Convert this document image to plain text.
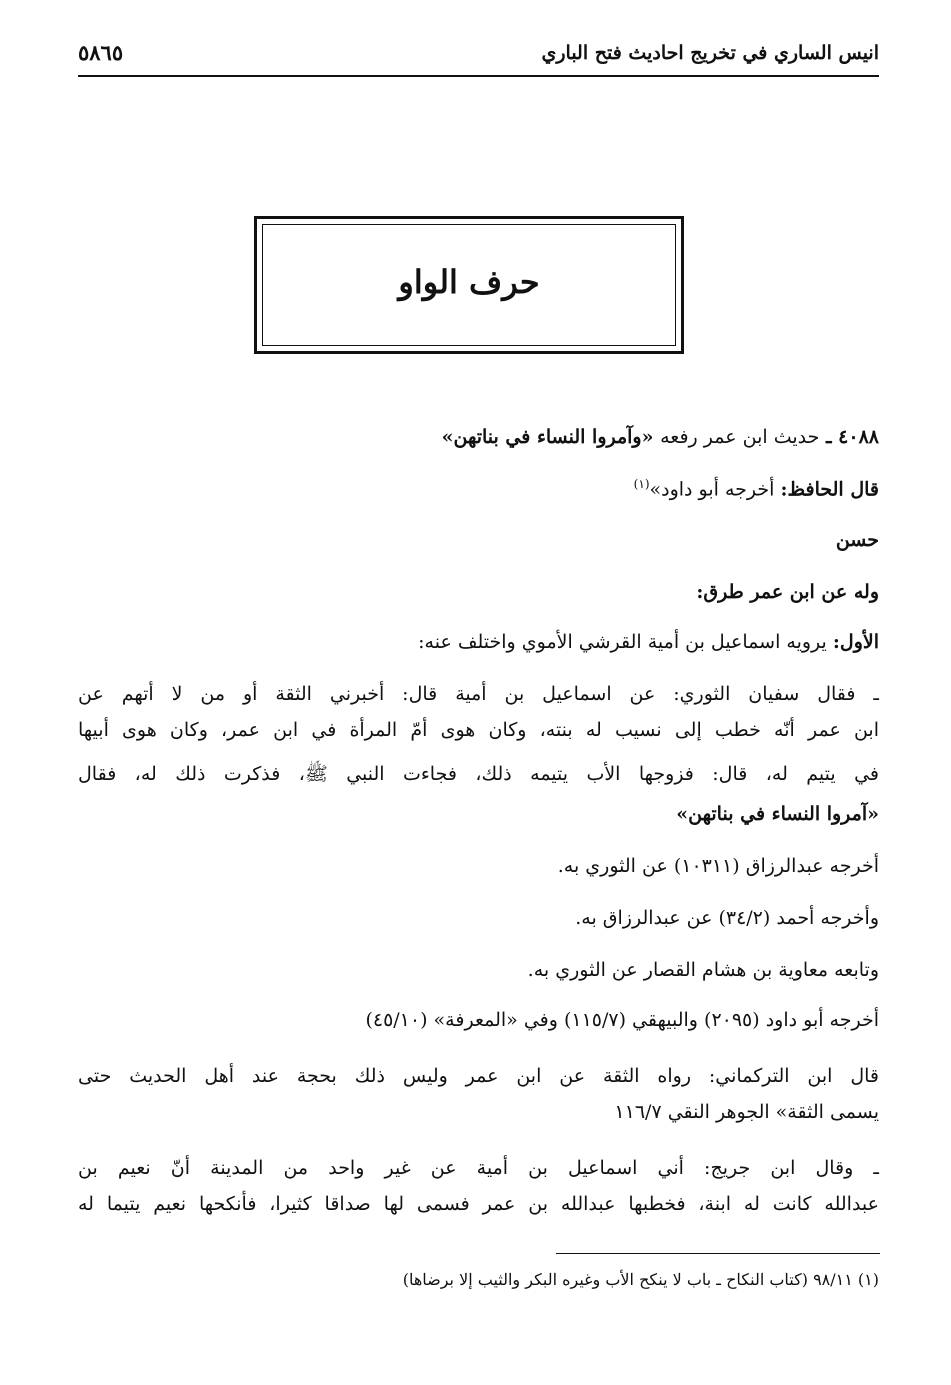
انيس الساري في تخريج احاديث فتح الباري
٥٨٦٥
حرف الواو
٤٠٨٨ ـ حديث ابن عمر رفعه «وآمروا النساء في بناتهن»
قال الحافظ: أخرجه أبو داود»$^{(١)}$
حسن
وله عن ابن عمر طرق:
الأول: يرويه اسماعيل بن أمية القرشي الأموي واختلف عنه:
ـ فقال سفيان الثوري: عن اسماعيل بن أمية قال: أخبرني الثقة أو من لا أتهم عن
ابن عمر أنّه خطب إلى نسيب له بنته، وكان هوى أمّ المرأة في ابن عمر، وكان هوى أبيها
في يتيم له، قال: فزوجها الأب يتيمه ذلك، فجاءت النبي ﷺ، فذكرت ذلك له، فقال
«آمروا النساء في بناتهن»
أخرجه عبدالرزاق (١٠٣١١) عن الثوري به.
وأخرجه أحمد (٣٤/٢) عن عبدالرزاق به.
وتابعه معاوية بن هشام القصار عن الثوري به.
أخرجه أبو داود (٢٠٩٥) والبيهقي (١١٥/٧) وفي «المعرفة» (٤٥/١٠)
قال ابن التركماني: رواه الثقة عن ابن عمر وليس ذلك بحجة عند أهل الحديث حتى
يسمى الثقة» الجوهر النقي ١١٦/٧
ـ وقال ابن جريج: أني اسماعيل بن أمية عن غير واحد من المدينة أنّ نعيم بن
عبدالله كانت له ابنة، فخطبها عبدالله بن عمر فسمى لها صداقا كثيرا، فأنكحها نعيم يتيما له
(١) ٩٨/١١ (كتاب النكاح ـ باب لا ينكح الأب وغيره البكر والثيب إلا برضاها)
